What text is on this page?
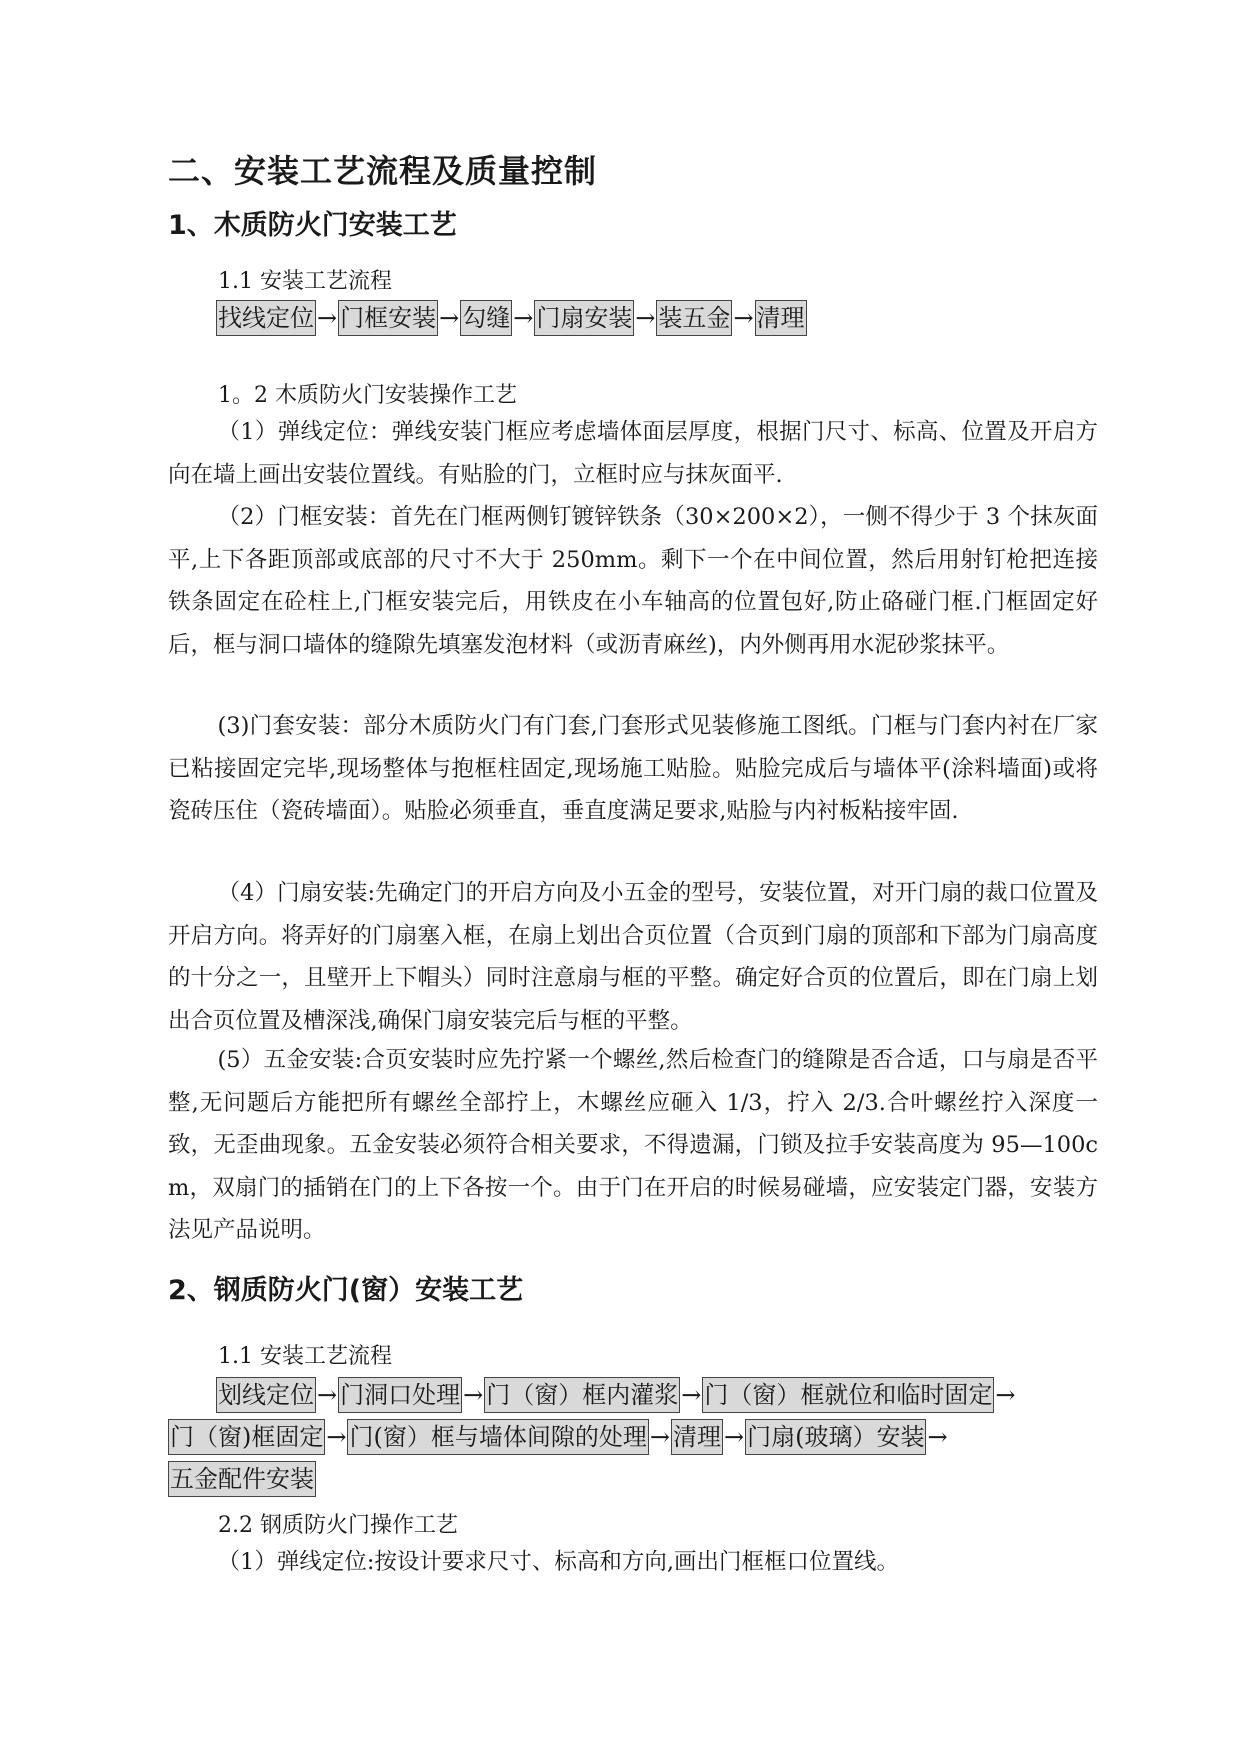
二、安装工艺流程及质量控制
1、木质防火门安装工艺
1.1 安装工艺流程
找线定位 → 门框安装 → 勾缝 → 门扇安装 → 装五金 → 清理
1。2 木质防火门安装操作工艺
（1）弹线定位：弹线安装门框应考虑墙体面层厚度，根据门尺寸、标高、位置及开启方向在墙上画出安装位置线。有贴脸的门，立框时应与抹灰面平.
（2）门框安装：首先在门框两侧钉镀锌铁条（30×200×2），一侧不得少于 3 个抹灰面平,上下各距顶部或底部的尺寸不大于 250mm。剩下一个在中间位置，然后用射钉枪把连接铁条固定在砼柱上,门框安装完后，用铁皮在小车轴高的位置包好,防止硌碰门框.门框固定好后，框与洞口墙体的缝隙先填塞发泡材料（或沥青麻丝)，内外侧再用水泥砂浆抹平。
(3)门套安装：部分木质防火门有门套,门套形式见装修施工图纸。门框与门套内衬在厂家已粘接固定完毕,现场整体与抱框柱固定,现场施工贴脸。贴脸完成后与墙体平(涂料墙面)或将瓷砖压住（瓷砖墙面）。贴脸必须垂直，垂直度满足要求,贴脸与内衬板粘接牢固.
（4）门扇安装:先确定门的开启方向及小五金的型号，安装位置，对开门扇的裁口位置及开启方向。将弄好的门扇塞入框，在扇上划出合页位置（合页到门扇的顶部和下部为门扇高度的十分之一，且壁开上下帽头）同时注意扇与框的平整。确定好合页的位置后，即在门扇上划出合页位置及槽深浅,确保门扇安装完后与框的平整。
(5）五金安装:合页安装时应先拧紧一个螺丝,然后检查门的缝隙是否合适，口与扇是否平整,无问题后方能把所有螺丝全部拧上，木螺丝应砸入 1/3，拧入 2/3.合叶螺丝拧入深度一致，无歪曲现象。五金安装必须符合相关要求，不得遗漏，门锁及拉手安装高度为 95—100cm，双扇门的插销在门的上下各按一个。由于门在开启的时候易碰墙，应安装定门器，安装方法见产品说明。
2、钢质防火门(窗）安装工艺
1.1 安装工艺流程
划线定位 → 门洞口处理 → 门（窗）框内灌浆 → 门（窗）框就位和临时固定 →
门（窗)框固定 → 门(窗）框与墙体间隙的处理 → 清理 → 门扇(玻璃）安装 →
五金配件安装
2.2 钢质防火门操作工艺
（1）弹线定位:按设计要求尺寸、标高和方向,画出门框框口位置线。
